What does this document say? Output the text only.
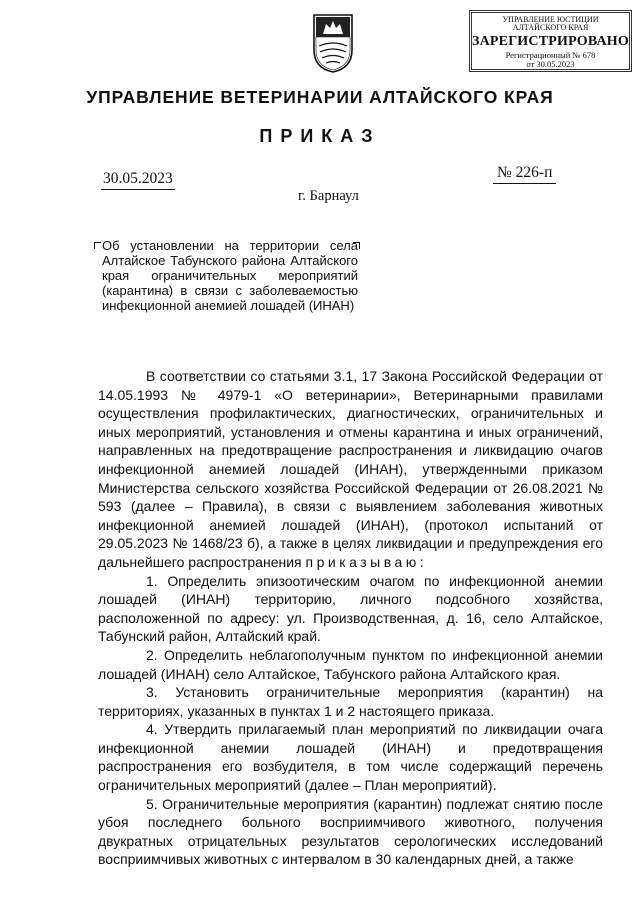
УПРАВЛЕНИЕ ЮСТИЦИИ
АЛТАЙСКОГО КРАЯ
ЗАРЕГИСТРИРОВАНО
Регистрационный № 678
от 30.05.2023
УПРАВЛЕНИЕ ВЕТЕРИНАРИИ АЛТАЙСКОГО КРАЯ
ПРИКАЗ
30.05.2023	№ 226-п
г. Барнаул

Об установлении на территории села Алтайское Табунского района Алтайского края ограничительных мероприятий (карантина) в связи с заболеваемостью инфекционной анемией лошадей (ИНАН)

В соответствии со статьями 3.1, 17 Закона Российской Федерации от 14.05.1993 № 4979-1 «О ветеринарии», Ветеринарными правилами осуществления профилактических, диагностических, ограничительных и иных мероприятий, установления и отмены карантина и иных ограничений, направленных на предотвращение распространения и ликвидацию очагов инфекционной анемией лошадей (ИНАН), утвержденными приказом Министерства сельского хозяйства Российской Федерации от 26.08.2021 № 593 (далее – Правила), в связи с выявлением заболевания животных инфекционной анемией лошадей (ИНАН), (протокол испытаний от 29.05.2023 № 1468/23 б), а также в целях ликвидации и предупреждения его дальнейшего распространения приказываю:

1. Определить эпизоотическим очагом по инфекционной анемии лошадей (ИНАН) территорию, личного подсобного хозяйства, расположенной по адресу: ул. Производственная, д. 16, село Алтайское, Табунский район, Алтайский край.

2. Определить неблагополучным пунктом по инфекционной анемии лошадей (ИНАН) село Алтайское, Табунского района Алтайского края.

3. Установить ограничительные мероприятия (карантин) на территориях, указанных в пунктах 1 и 2 настоящего приказа.

4. Утвердить прилагаемый план мероприятий по ликвидации очага инфекционной анемии лошадей (ИНАН) и предотвращения распространения его возбудителя, в том числе содержащий перечень ограничительных мероприятий (далее – План мероприятий).

5. Ограничительные мероприятия (карантин) подлежат снятию после убоя последнего больного восприимчивого животного, получения двукратных отрицательных результатов серологических исследований восприимчивых животных с интервалом в 30 календарных дней, а также
